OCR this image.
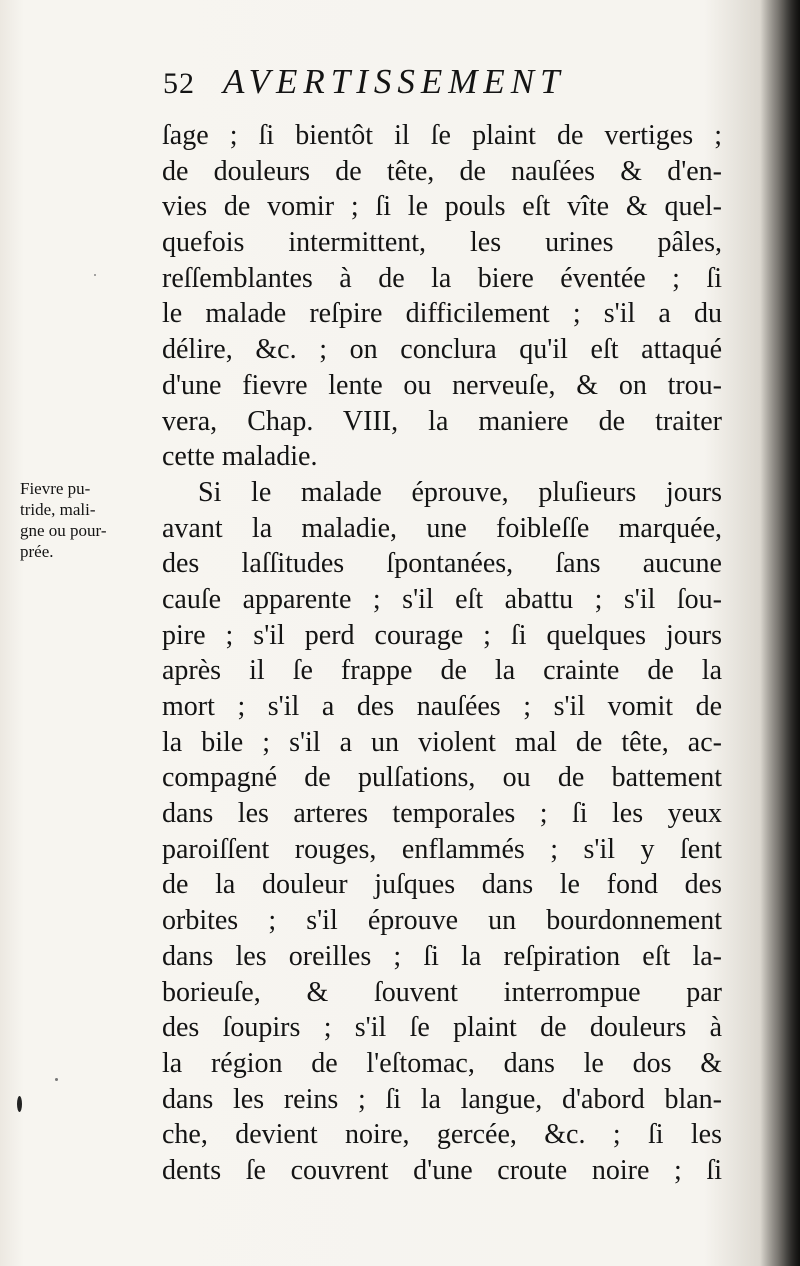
52 AVERTISSEMENT
Fievre pu-
tride, mali-
gne ou pour-
prée.
ſage ; ſi bientôt il ſe plaint de vertiges ;
de douleurs de tête, de nauſées & d'en-
vies de vomir ; ſi le pouls eſt vîte & quel-
quefois intermittent, les urines pâles,
reſſemblantes à de la biere éventée ; ſi
le malade reſpire difficilement ; s'il a du
délire, &c. ; on conclura qu'il eſt attaqué
d'une fievre lente ou nerveuſe, & on trou-
vera, Chap. VIII, la maniere de traiter
cette maladie.
Si le malade éprouve, pluſieurs jours
avant la maladie, une foibleſſe marquée,
des laſſitudes ſpontanées, ſans aucune
cauſe apparente ; s'il eſt abattu ; s'il ſou-
pire ; s'il perd courage ; ſi quelques jours
après il ſe frappe de la crainte de la
mort ; s'il a des nauſées ; s'il vomit de
la bile ; s'il a un violent mal de tête, ac-
compagné de pulſations, ou de battement
dans les arteres temporales ; ſi les yeux
paroiſſent rouges, enflammés ; s'il y ſent
de la douleur juſques dans le fond des
orbites ; s'il éprouve un bourdonnement
dans les oreilles ; ſi la reſpiration eſt la-
borieuſe, & ſouvent interrompue par
des ſoupirs ; s'il ſe plaint de douleurs à
la région de l'eſtomac, dans le dos &
dans les reins ; ſi la langue, d'abord blan-
che, devient noire, gercée, &c. ; ſi les
dents ſe couvrent d'une croute noire ; ſi
